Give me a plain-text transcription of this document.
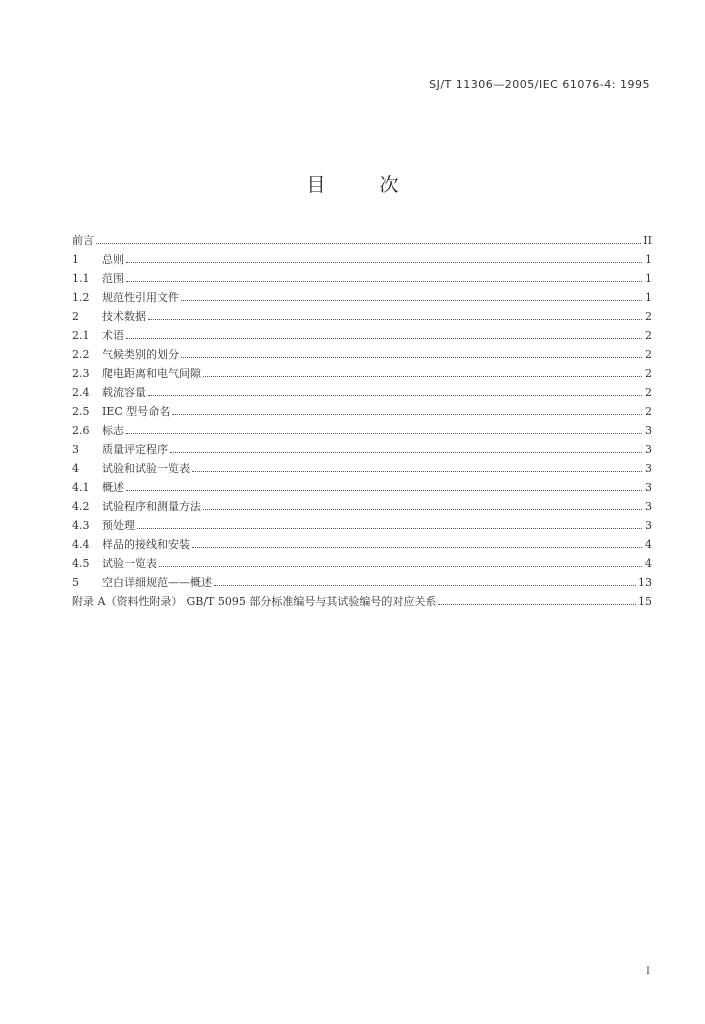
SJ/T 11306—2005/IEC 61076-4: 1995
目 次
前言	II
1	总则	1
1.1	范围	1
1.2	规范性引用文件	1
2	技术数据	2
2.1	术语	2
2.2	气候类别的划分	2
2.3	爬电距离和电气间隙	2
2.4	载流容量	2
2.5	IEC 型号命名	2
2.6	标志	3
3	质量评定程序	3
4	试验和试验一览表	3
4.1	概述	3
4.2	试验程序和测量方法	3
4.3	预处理	3
4.4	样品的接线和安装	4
4.5	试验一览表	4
5	空白详细规范——概述	13
附录 A（资料性附录） GB/T 5095 部分标准编号与其试验编号的对应关系	15
I
